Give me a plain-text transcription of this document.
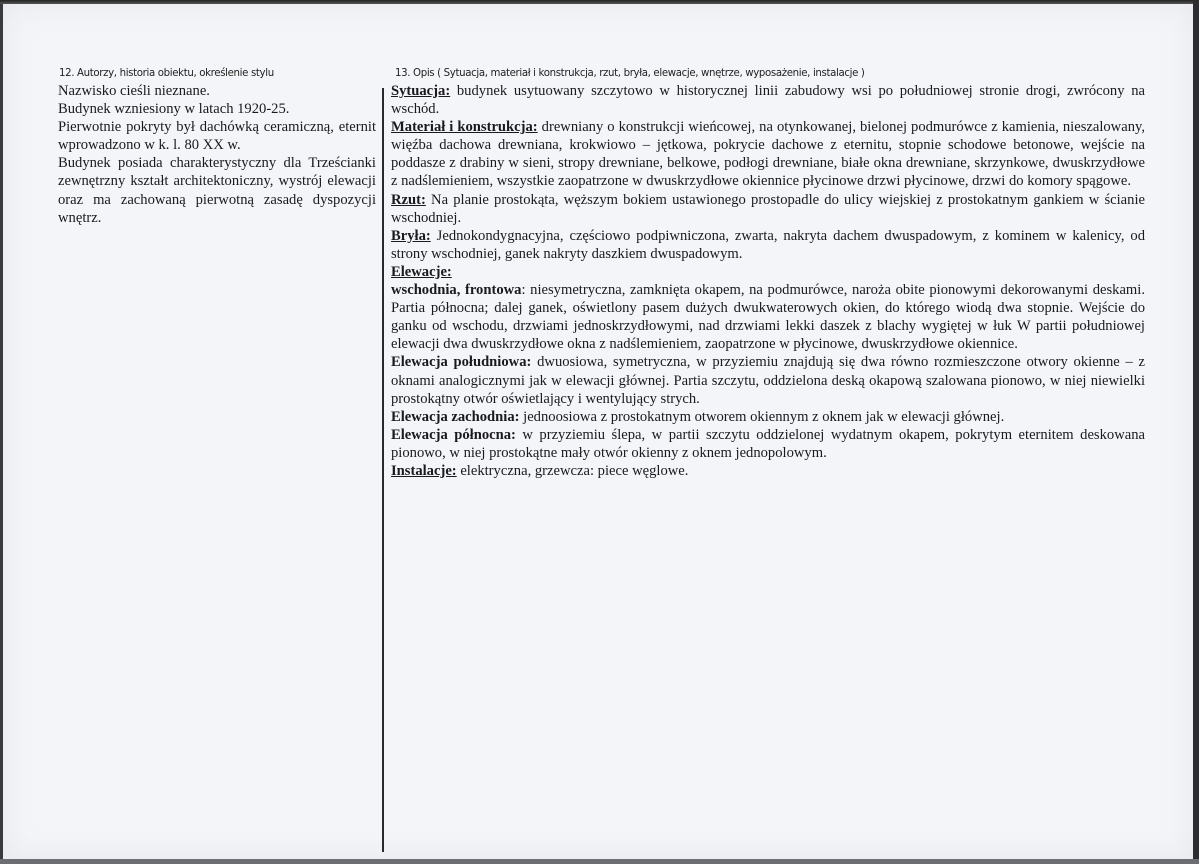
12. Autorzy, historia obiektu, określenie stylu	13. Opis ( Sytuacja, materiał i konstrukcja, rzut, bryła, elewacje, wnętrze, wyposażenie, instalacje )

Nazwisko cieśli nieznane.

Budynek wzniesiony w latach 1920-25.

Pierwotnie pokryty był dachówką ceramiczną, eternit wprowadzono w k. l. 80 XX w.

Budynek posiada charakterystyczny dla Trześcianki zewnętrzny kształt architektoniczny, wystrój elewacji oraz ma zachowaną pierwotną zasadę dyspozycji wnętrz.

Sytuacja: budynek usytuowany szczytowo w historycznej linii zabudowy wsi po południowej stronie drogi, zwrócony na wschód.

Materiał i konstrukcja: drewniany o konstrukcji wieńcowej, na otynkowanej, bielonej podmurówce z kamienia, nieszalowany, więźba dachowa drewniana, krokwiowo – jętkowa, pokrycie dachowe z eternitu, stopnie schodowe betonowe, wejście na poddasze z drabiny w sieni, stropy drewniane, belkowe, podłogi drewniane, białe okna drewniane, skrzynkowe, dwuskrzydłowe z nadślemieniem, wszystkie zaopatrzone w dwuskrzydłowe okiennice płycinowe drzwi płycinowe, drzwi do komory spągowe.

Rzut: Na planie prostokąta, węższym bokiem ustawionego prostopadle do ulicy wiejskiej z prostokatnym gankiem w ścianie wschodniej.

Bryła: Jednokondygnacyjna, częściowo podpiwniczona, zwarta, nakryta dachem dwuspadowym, z kominem w kalenicy, od strony wschodniej, ganek nakryty daszkiem dwuspadowym.

Elewacje:

wschodnia, frontowa: niesymetryczna, zamknięta okapem, na podmurówce, naroża obite pionowymi dekorowanymi deskami. Partia północna; dalej ganek, oświetlony pasem dużych dwukwaterowych okien, do którego wiodą dwa stopnie. Wejście do ganku od wschodu, drzwiami jednoskrzydłowymi, nad drzwiami lekki daszek z blachy wygiętej w łuk W partii południowej elewacji dwa dwuskrzydłowe okna z nadślemieniem, zaopatrzone w płycinowe, dwuskrzydłowe okiennice.

Elewacja południowa: dwuosiowa, symetryczna, w przyziemiu znajdują się dwa równo rozmieszczone otwory okienne – z oknami analogicznymi jak w elewacji głównej. Partia szczytu, oddzielona deską okapową szalowana pionowo, w niej niewielki prostokątny otwór oświetlający i wentylujący strych.

Elewacja zachodnia: jednoosiowa z prostokatnym otworem okiennym z oknem jak w elewacji głównej.

Elewacja północna: w przyziemiu ślepa, w partii szczytu oddzielonej wydatnym okapem, pokrytym eternitem deskowana pionowo, w niej prostokątne mały otwór okienny z oknem jednopolowym.

Instalacje: elektryczna, grzewcza: piece węglowe.
